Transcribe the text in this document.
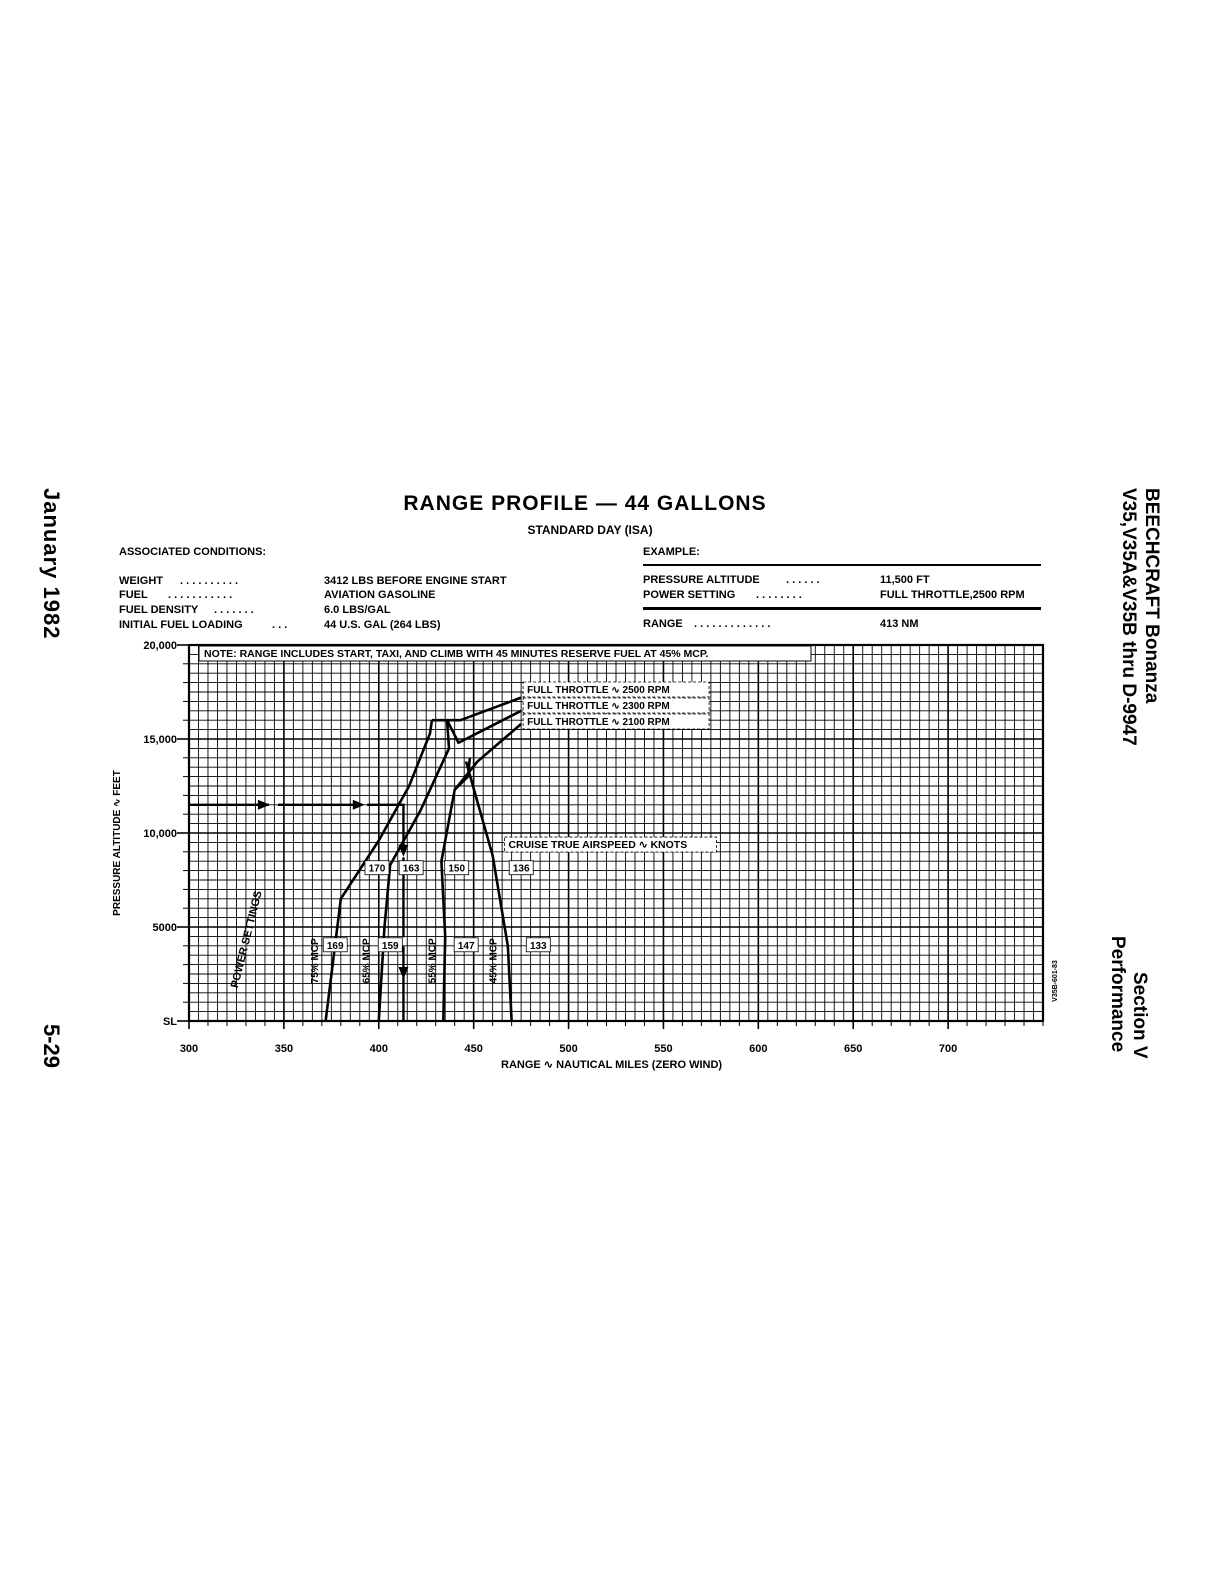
January 1982
5-29
BEECHCRAFT Bonanza
V35,V35A&V35B thru D-9947
Section V
Performance
RANGE PROFILE — 44 GALLONS
STANDARD DAY (ISA)
ASSOCIATED CONDITIONS:
WEIGHT . . . . . . . . . .	3412 LBS BEFORE ENGINE START
FUEL . . . . . . . . . . .	AVIATION GASOLINE
FUEL DENSITY . . . . . . .	6.0 LBS/GAL
INITIAL FUEL LOADING	. . .	44 U.S. GAL (264 LBS)
EXAMPLE:
PRESSURE ALTITUDE . . . . . .	11,500 FT
POWER SETTING . . . . . . . .	FULL THROTTLE,2500 RPM
RANGE . . . . . . . . . . . . .	413 NM
300	350	400	450	500	550	600	650	700
SL
5000
10,000
15,000
20,000
RANGE ∿ NAUTICAL MILES (ZERO WIND)
PRESSURE ALTITUDE ∿ FEET
NOTE: RANGE INCLUDES START, TAXI, AND CLIMB WITH 45 MINUTES RESERVE FUEL AT 45% MCP.
FULL THROTTLE ∿ 2500 RPM
FULL THROTTLE ∿ 2300 RPM
FULL THROTTLE ∿ 2100 RPM
75% MCP	65% MCP	55% MCP	45% MCP
POWER SETTINGS
CRUISE TRUE AIRSPEED ∿ KNOTS
170 163	150	136
169	159	147	133
V35B-601-83
